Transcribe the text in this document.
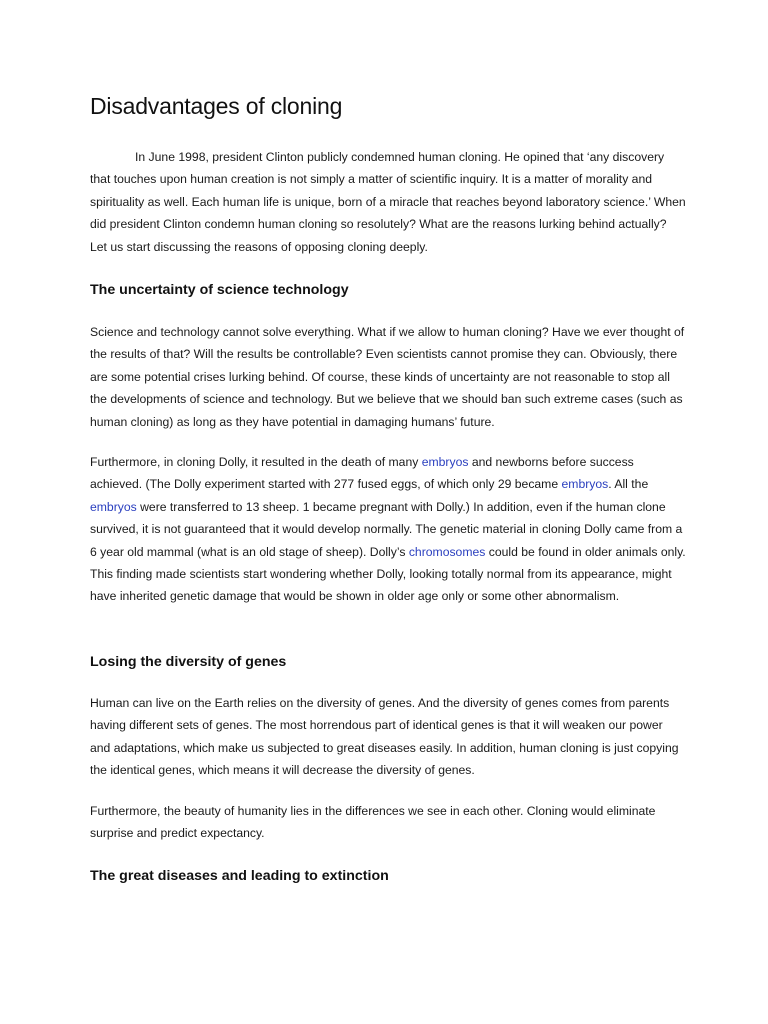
Disadvantages of cloning

In June 1998, president Clinton publicly condemned human cloning. He opined that ‘any discovery that touches upon human creation is not simply a matter of scientific inquiry. It is a matter of morality and spirituality as well. Each human life is unique, born of a miracle that reaches beyond laboratory science.’ When did president Clinton condemn human cloning so resolutely? What are the reasons lurking behind actually? Let us start discussing the reasons of opposing cloning deeply.

The uncertainty of science technology

Science and technology cannot solve everything. What if we allow to human cloning? Have we ever thought of the results of that? Will the results be controllable? Even scientists cannot promise they can. Obviously, there are some potential crises lurking behind. Of course, these kinds of uncertainty are not reasonable to stop all the developments of science and technology. But we believe that we should ban such extreme cases (such as human cloning) as long as they have potential in damaging humans’ future.

Furthermore, in cloning Dolly, it resulted in the death of many embryos and newborns before success achieved. (The Dolly experiment started with 277 fused eggs, of which only 29 became embryos. All the embryos were transferred to 13 sheep. 1 became pregnant with Dolly.) In addition, even if the human clone survived, it is not guaranteed that it would develop normally. The genetic material in cloning Dolly came from a 6 year old mammal (what is an old stage of sheep). Dolly’s chromosomes could be found in older animals only. This finding made scientists start wondering whether Dolly, looking totally normal from its appearance, might have inherited genetic damage that would be shown in older age only or some other abnormalism.

Losing the diversity of genes

Human can live on the Earth relies on the diversity of genes. And the diversity of genes comes from parents having different sets of genes. The most horrendous part of identical genes is that it will weaken our power and adaptations, which make us subjected to great diseases easily. In addition, human cloning is just copying the identical genes, which means it will decrease the diversity of genes.

Furthermore, the beauty of humanity lies in the differences we see in each other. Cloning would eliminate surprise and predict expectancy.

The great diseases and leading to extinction
